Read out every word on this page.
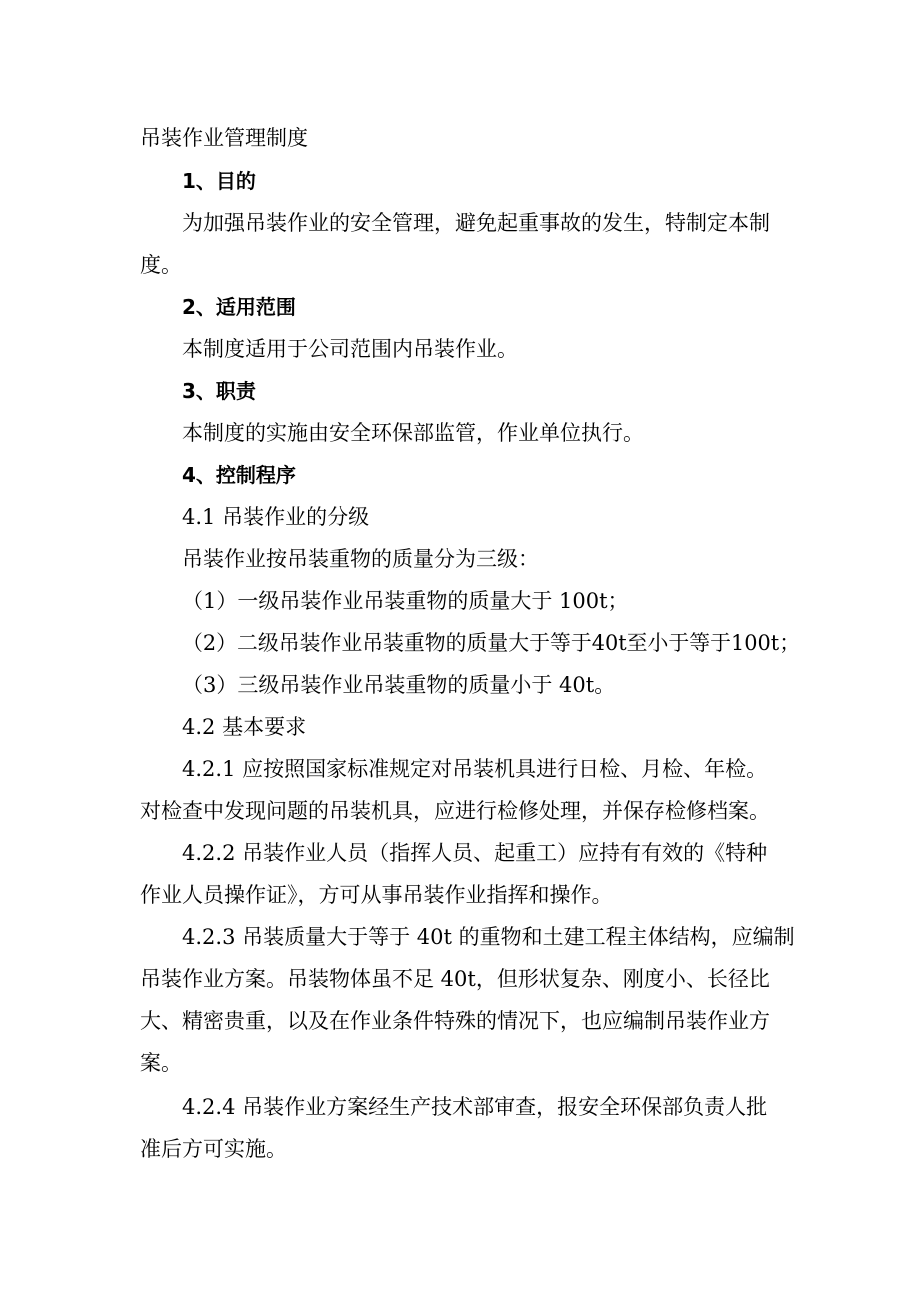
吊装作业管理制度
1、目的
为加强吊装作业的安全管理，避免起重事故的发生，特制定本制
度。
2、适用范围
本制度适用于公司范围内吊装作业。
3、职责
本制度的实施由安全环保部监管，作业单位执行。
4、控制程序
4.1 吊装作业的分级
吊装作业按吊装重物的质量分为三级：
（1）一级吊装作业吊装重物的质量大于 100t；
（2）二级吊装作业吊装重物的质量大于等于40t至小于等于100t；
（3）三级吊装作业吊装重物的质量小于 40t。
4.2 基本要求
4.2.1 应按照国家标准规定对吊装机具进行日检、月检、年检。
对检查中发现问题的吊装机具，应进行检修处理，并保存检修档案。
4.2.2 吊装作业人员（指挥人员、起重工）应持有有效的《特种
作业人员操作证》，方可从事吊装作业指挥和操作。
4.2.3 吊装质量大于等于 40t 的重物和土建工程主体结构，应编制
吊装作业方案。吊装物体虽不足 40t，但形状复杂、刚度小、长径比
大、精密贵重，以及在作业条件特殊的情况下，也应编制吊装作业方
案。
4.2.4 吊装作业方案经生产技术部审查，报安全环保部负责人批
准后方可实施。
